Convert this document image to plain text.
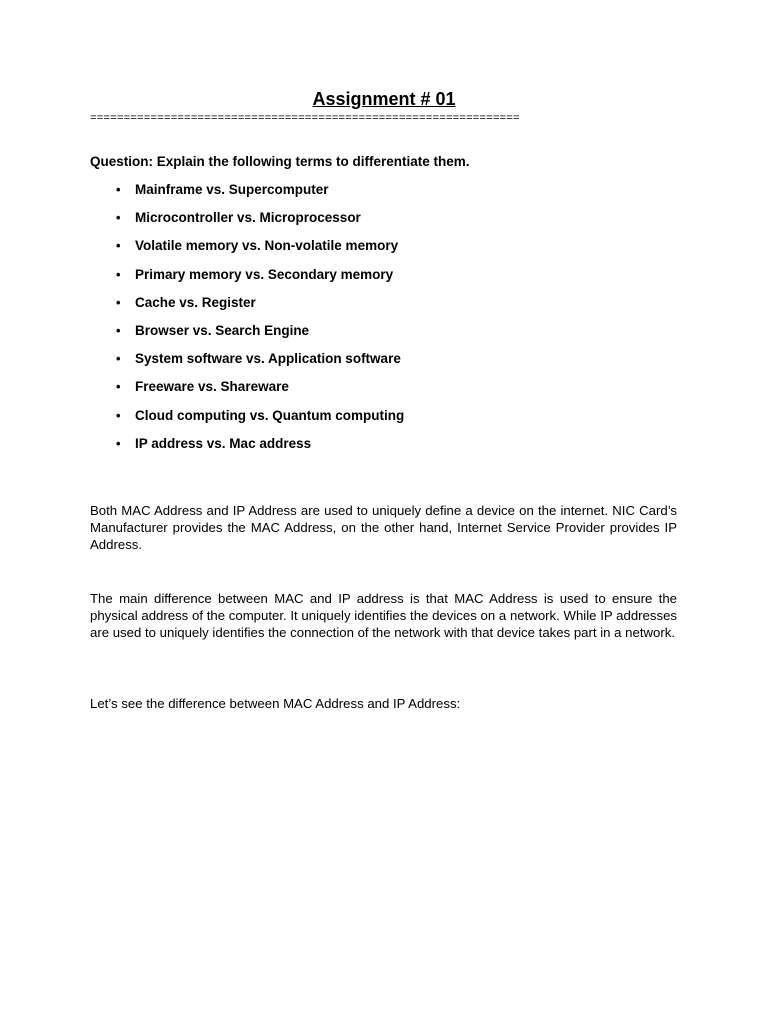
Assignment # 01
================================================================
Question: Explain the following terms to differentiate them.
• Mainframe vs. Supercomputer
• Microcontroller vs. Microprocessor
• Volatile memory vs. Non-volatile memory
• Primary memory vs. Secondary memory
• Cache vs. Register
• Browser vs. Search Engine
• System software vs. Application software
• Freeware vs. Shareware
• Cloud computing vs. Quantum computing
• IP address vs. Mac address

Both MAC Address and IP Address are used to uniquely define a device on the internet. NIC Card’s Manufacturer provides the MAC Address, on the other hand, Internet Service Provider provides IP Address.

The main difference between MAC and IP address is that MAC Address is used to ensure the physical address of the computer. It uniquely identifies the devices on a network. While IP addresses are used to uniquely identifies the connection of the network with that device takes part in a network.

Let’s see the difference between MAC Address and IP Address:
